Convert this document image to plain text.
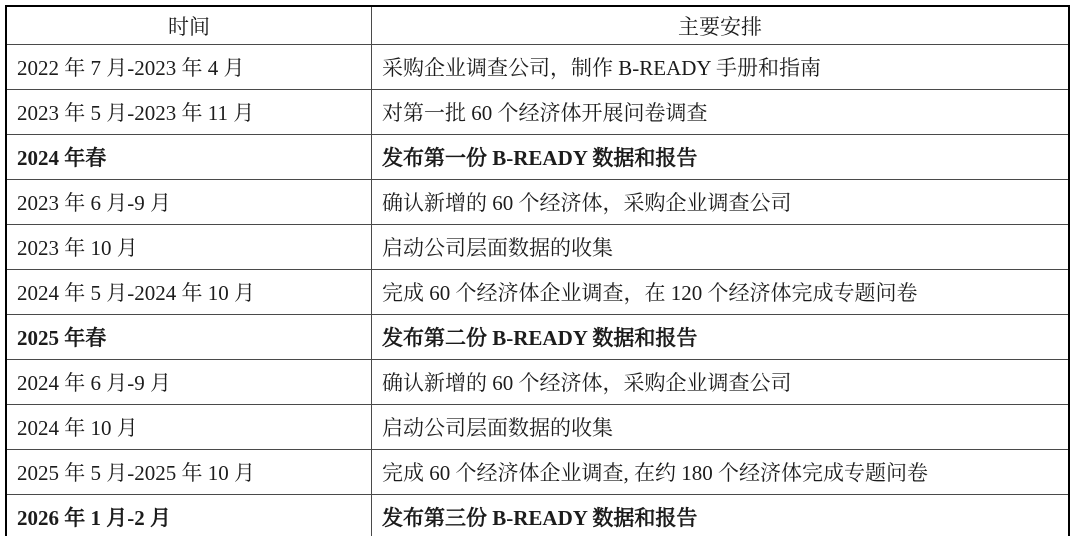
时间	主要安排
2022 年 7 月-2023 年 4 月	采购企业调查公司，制作 B-READY 手册和指南
2023 年 5 月-2023 年 11 月	对第一批 60 个经济体开展问卷调查
2024 年春	发布第一份 B-READY 数据和报告
2023 年 6 月-9 月	确认新增的 60 个经济体，采购企业调查公司
2023 年 10 月	启动公司层面数据的收集
2024 年 5 月-2024 年 10 月	完成 60 个经济体企业调查，在 120 个经济体完成专题问卷
2025 年春	发布第二份 B-READY 数据和报告
2024 年 6 月-9 月	确认新增的 60 个经济体，采购企业调查公司
2024 年 10 月	启动公司层面数据的收集
2025 年 5 月-2025 年 10 月	完成 60 个经济体企业调查, 在约 180 个经济体完成专题问卷
2026 年 1 月-2 月	发布第三份 B-READY 数据和报告
